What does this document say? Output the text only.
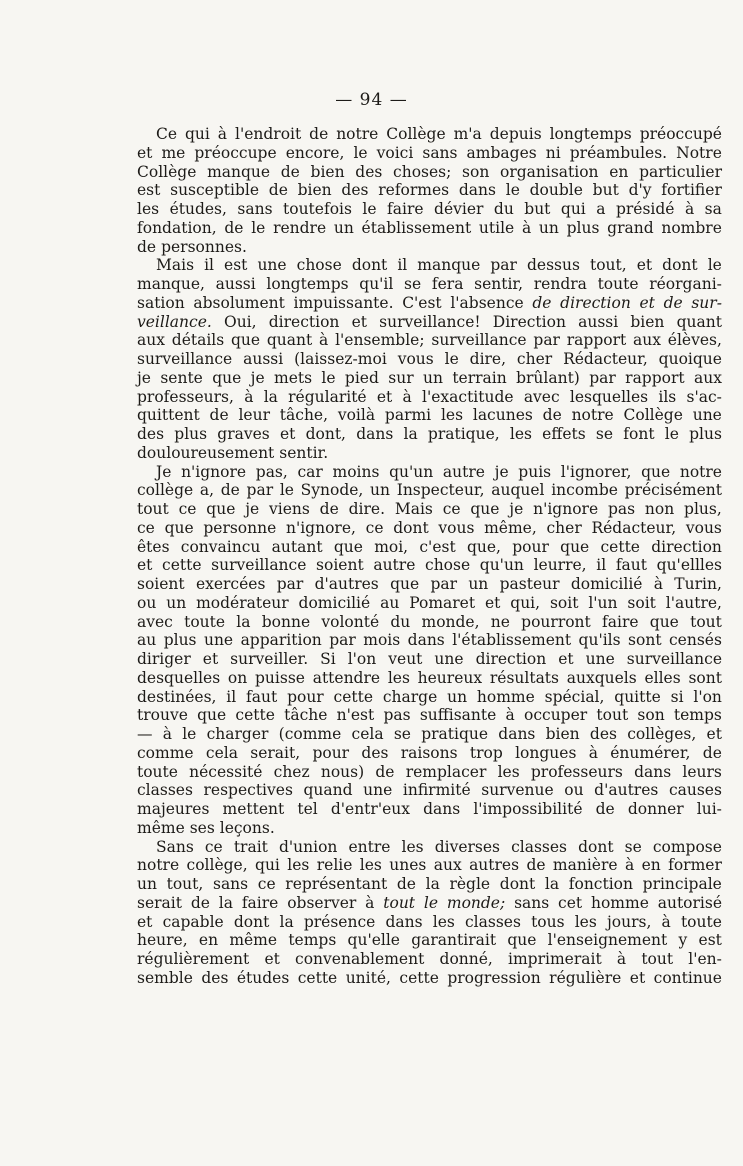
— 94 —
Ce qui à l'endroit de notre Collège m'a depuis longtemps préoccupé
et me préoccupe encore, le voici sans ambages ni préambules. Notre
Collège manque de bien des choses; son organisation en particulier
est susceptible de bien des reformes dans le double but d'y fortifier
les études, sans toutefois le faire dévier du but qui a présidé à sa
fondation, de le rendre un établissement utile à un plus grand nombre
de personnes.
Mais il est une chose dont il manque par dessus tout, et dont le
manque, aussi longtemps qu'il se fera sentir, rendra toute réorgani-
sation absolument impuissante. C'est l'absence de direction et de sur-
veillance. Oui, direction et surveillance! Direction aussi bien quant
aux détails que quant à l'ensemble; surveillance par rapport aux élèves,
surveillance aussi (laissez-moi vous le dire, cher Rédacteur, quoique
je sente que je mets le pied sur un terrain brûlant) par rapport aux
professeurs, à la régularité et à l'exactitude avec lesquelles ils s'ac-
quittent de leur tâche, voilà parmi les lacunes de notre Collège une
des plus graves et dont, dans la pratique, les effets se font le plus
douloureusement sentir.
Je n'ignore pas, car moins qu'un autre je puis l'ignorer, que notre
collège a, de par le Synode, un Inspecteur, auquel incombe précisément
tout ce que je viens de dire. Mais ce que je n'ignore pas non plus,
ce que personne n'ignore, ce dont vous même, cher Rédacteur, vous
êtes convaincu autant que moi, c'est que, pour que cette direction
et cette surveillance soient autre chose qu'un leurre, il faut qu'ellles
soient exercées par d'autres que par un pasteur domicilié à Turin,
ou un modérateur domicilié au Pomaret et qui, soit l'un soit l'autre,
avec toute la bonne volonté du monde, ne pourront faire que tout
au plus une apparition par mois dans l'établissement qu'ils sont censés
diriger et surveiller. Si l'on veut une direction et une surveillance
desquelles on puisse attendre les heureux résultats auxquels elles sont
destinées, il faut pour cette charge un homme spécial, quitte si l'on
trouve que cette tâche n'est pas suffisante à occuper tout son temps
— à le charger (comme cela se pratique dans bien des collèges, et
comme cela serait, pour des raisons trop longues à énumérer, de
toute nécessité chez nous) de remplacer les professeurs dans leurs
classes respectives quand une infirmité survenue ou d'autres causes
majeures mettent tel d'entr'eux dans l'impossibilité de donner lui-
même ses leçons.
Sans ce trait d'union entre les diverses classes dont se compose
notre collège, qui les relie les unes aux autres de manière à en former
un tout, sans ce représentant de la règle dont la fonction principale
serait de la faire observer à tout le monde; sans cet homme autorisé
et capable dont la présence dans les classes tous les jours, à toute
heure, en même temps qu'elle garantirait que l'enseignement y est
régulièrement et convenablement donné, imprimerait à tout l'en-
semble des études cette unité, cette progression régulière et continue
